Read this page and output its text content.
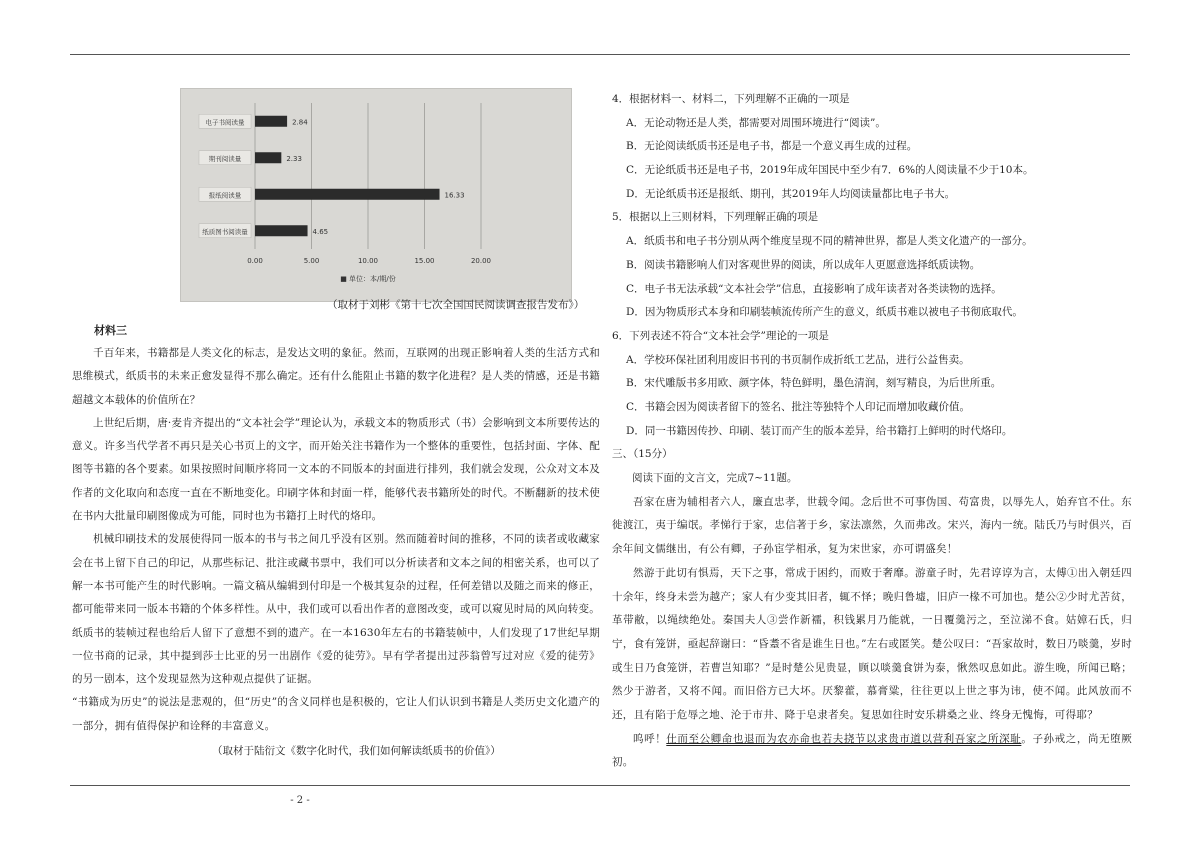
0.00	5.00	10.00	15.00	20.00
电子书阅读量	2.84
期刊阅读量	2.33
报纸阅读量	16.33
纸质图书阅读量	4.65
■ 单位：本/期/份
（取材于刘彬《第十七次全国国民阅读调查报告发布》）
材料三

千百年来，书籍都是人类文化的标志，是发达文明的象征。然而，互联网的出现正影响着人类的生活方式和思维模式，纸质书的未来正愈发显得不那么确定。还有什么能阻止书籍的数字化进程？是人类的情感，还是书籍超越文本载体的价值所在？

上世纪后期，唐·麦肯齐提出的“文本社会学”理论认为，承载文本的物质形式（书）会影响到文本所要传达的意义。许多当代学者不再只是关心书页上的文字，而开始关注书籍作为一个整体的重要性，包括封面、字体、配图等书籍的各个要素。如果按照时间顺序将同一文本的不同版本的封面进行排列，我们就会发现，公众对文本及作者的文化取向和态度一直在不断地变化。印刷字体和封面一样，能够代表书籍所处的时代。不断翻新的技术使在书内大批量印刷图像成为可能，同时也为书籍打上时代的烙印。

机械印刷技术的发展使得同一版本的书与书之间几乎没有区别。然而随着时间的推移，不同的读者或收藏家会在书上留下自己的印记，从那些标记、批注或藏书票中，我们可以分析读者和文本之间的相密关系，也可以了解一本书可能产生的时代影响。一篇文稿从编辑到付印是一个极其复杂的过程，任何差错以及随之而来的修正，都可能带来同一版本书籍的个体多样性。从中，我们或可以看出作者的意图改变，或可以窥见时局的风向转变。纸质书的装帧过程也给后人留下了意想不到的遗产。在一本1630年左右的书籍装帧中，人们发现了17世纪早期一位书商的记录，其中提到莎士比亚的另一出剧作《爱的徒劳》。早有学者提出过莎翁曾写过对应《爱的徒劳》的另一剧本，这个发现显然为这种观点提供了证据。

“书籍成为历史”的说法是悲观的，但“历史”的含义同样也是积极的，它让人们认识到书籍是人类历史文化遗产的一部分，拥有值得保护和诠释的丰富意义。

（取材于陆衍文《数字化时代，我们如何解读纸质书的价值》）
4．根据材料一、材料二，下列理解不正确的一项是
A．无论动物还是人类，都需要对周围环境进行“阅读”。
B．无论阅读纸质书还是电子书，都是一个意义再生成的过程。
C．无论纸质书还是电子书，2019年成年国民中至少有7．6%的人阅读量不少于10本。
D．无论纸质书还是报纸、期刊，其2019年人均阅读量都比电子书大。
5．根据以上三则材料，下列理解正确的项是
A．纸质书和电子书分别从两个维度呈现不同的精神世界，都是人类文化遗产的一部分。
B．阅读书籍影响人们对客观世界的阅读，所以成年人更愿意选择纸质读物。
C．电子书无法承载“文本社会学”信息，直接影响了成年读者对各类读物的选择。
D．因为物质形式本身和印刷装帧流传所产生的意义，纸质书难以被电子书彻底取代。
6．下列表述不符合“文本社会学”理论的一项是
A．学校环保社团利用废旧书刊的书页制作成折纸工艺品，进行公益售卖。
B．宋代雕版书多用欧、颜字体，特色鲜明，墨色清润，刻写精良，为后世所重。
C．书籍会因为阅读者留下的签名、批注等独特个人印记而增加收藏价值。
D．同一书籍因传抄、印刷、装订而产生的版本差异，给书籍打上鲜明的时代烙印。
三、（15分）
阅读下面的文言文，完成7~11题。

吾家在唐为辅相者六人，廉直忠孝，世载令闻。念后世不可事伪国、苟富贵，以辱先人，始弃官不仕。东徙渡江，夷于编氓。孝悌行于家，忠信著于乡，家法凛然，久而弗改。宋兴，海内一统。陆氏乃与时俱兴，百余年间文儒继出，有公有卿，子孙宦学相承，复为宋世家，亦可谓盛矣！

然游于此切有惧焉，天下之事，常成于困约，而败于奢靡。游童子时，先君谆谆为言，太傅①出入朝廷四十余年，终身未尝为越产；家人有少变其旧者，辄不怿；晚归鲁墟，旧庐一椽不可加也。楚公②少时尤苦贫，革带敝，以绳续绝处。秦国夫人③尝作新襦，积钱累月乃能就，一日覆羹污之，至泣涕不食。姑嫜石氏，归宁，食有笼饼，亟起辞谢曰：“昏耋不省是谁生日也。”左右或匿笑。楚公叹曰：“吾家故时，数日乃啖羹，岁时或生日乃食笼饼，若曹岂知耶？”是时楚公见贵显，顾以啖羹食饼为泰，愀然叹息如此。游生晚，所闻已略；然少于游者，又将不闻。而旧俗方已大坏。厌黎藿，慕膏粱，往往更以上世之事为讳，使不闻。此风放而不还，且有陷于危辱之地、沦于市井、降于皂隶者矣。复思如往时安乐耕桑之业、终身无愧悔，可得耶？

呜呼！仕而至公卿命也退而为农亦命也若夫挠节以求贵市道以营利吾家之所深耻。子孙戒之，尚无堕厥初。

- 2 -
